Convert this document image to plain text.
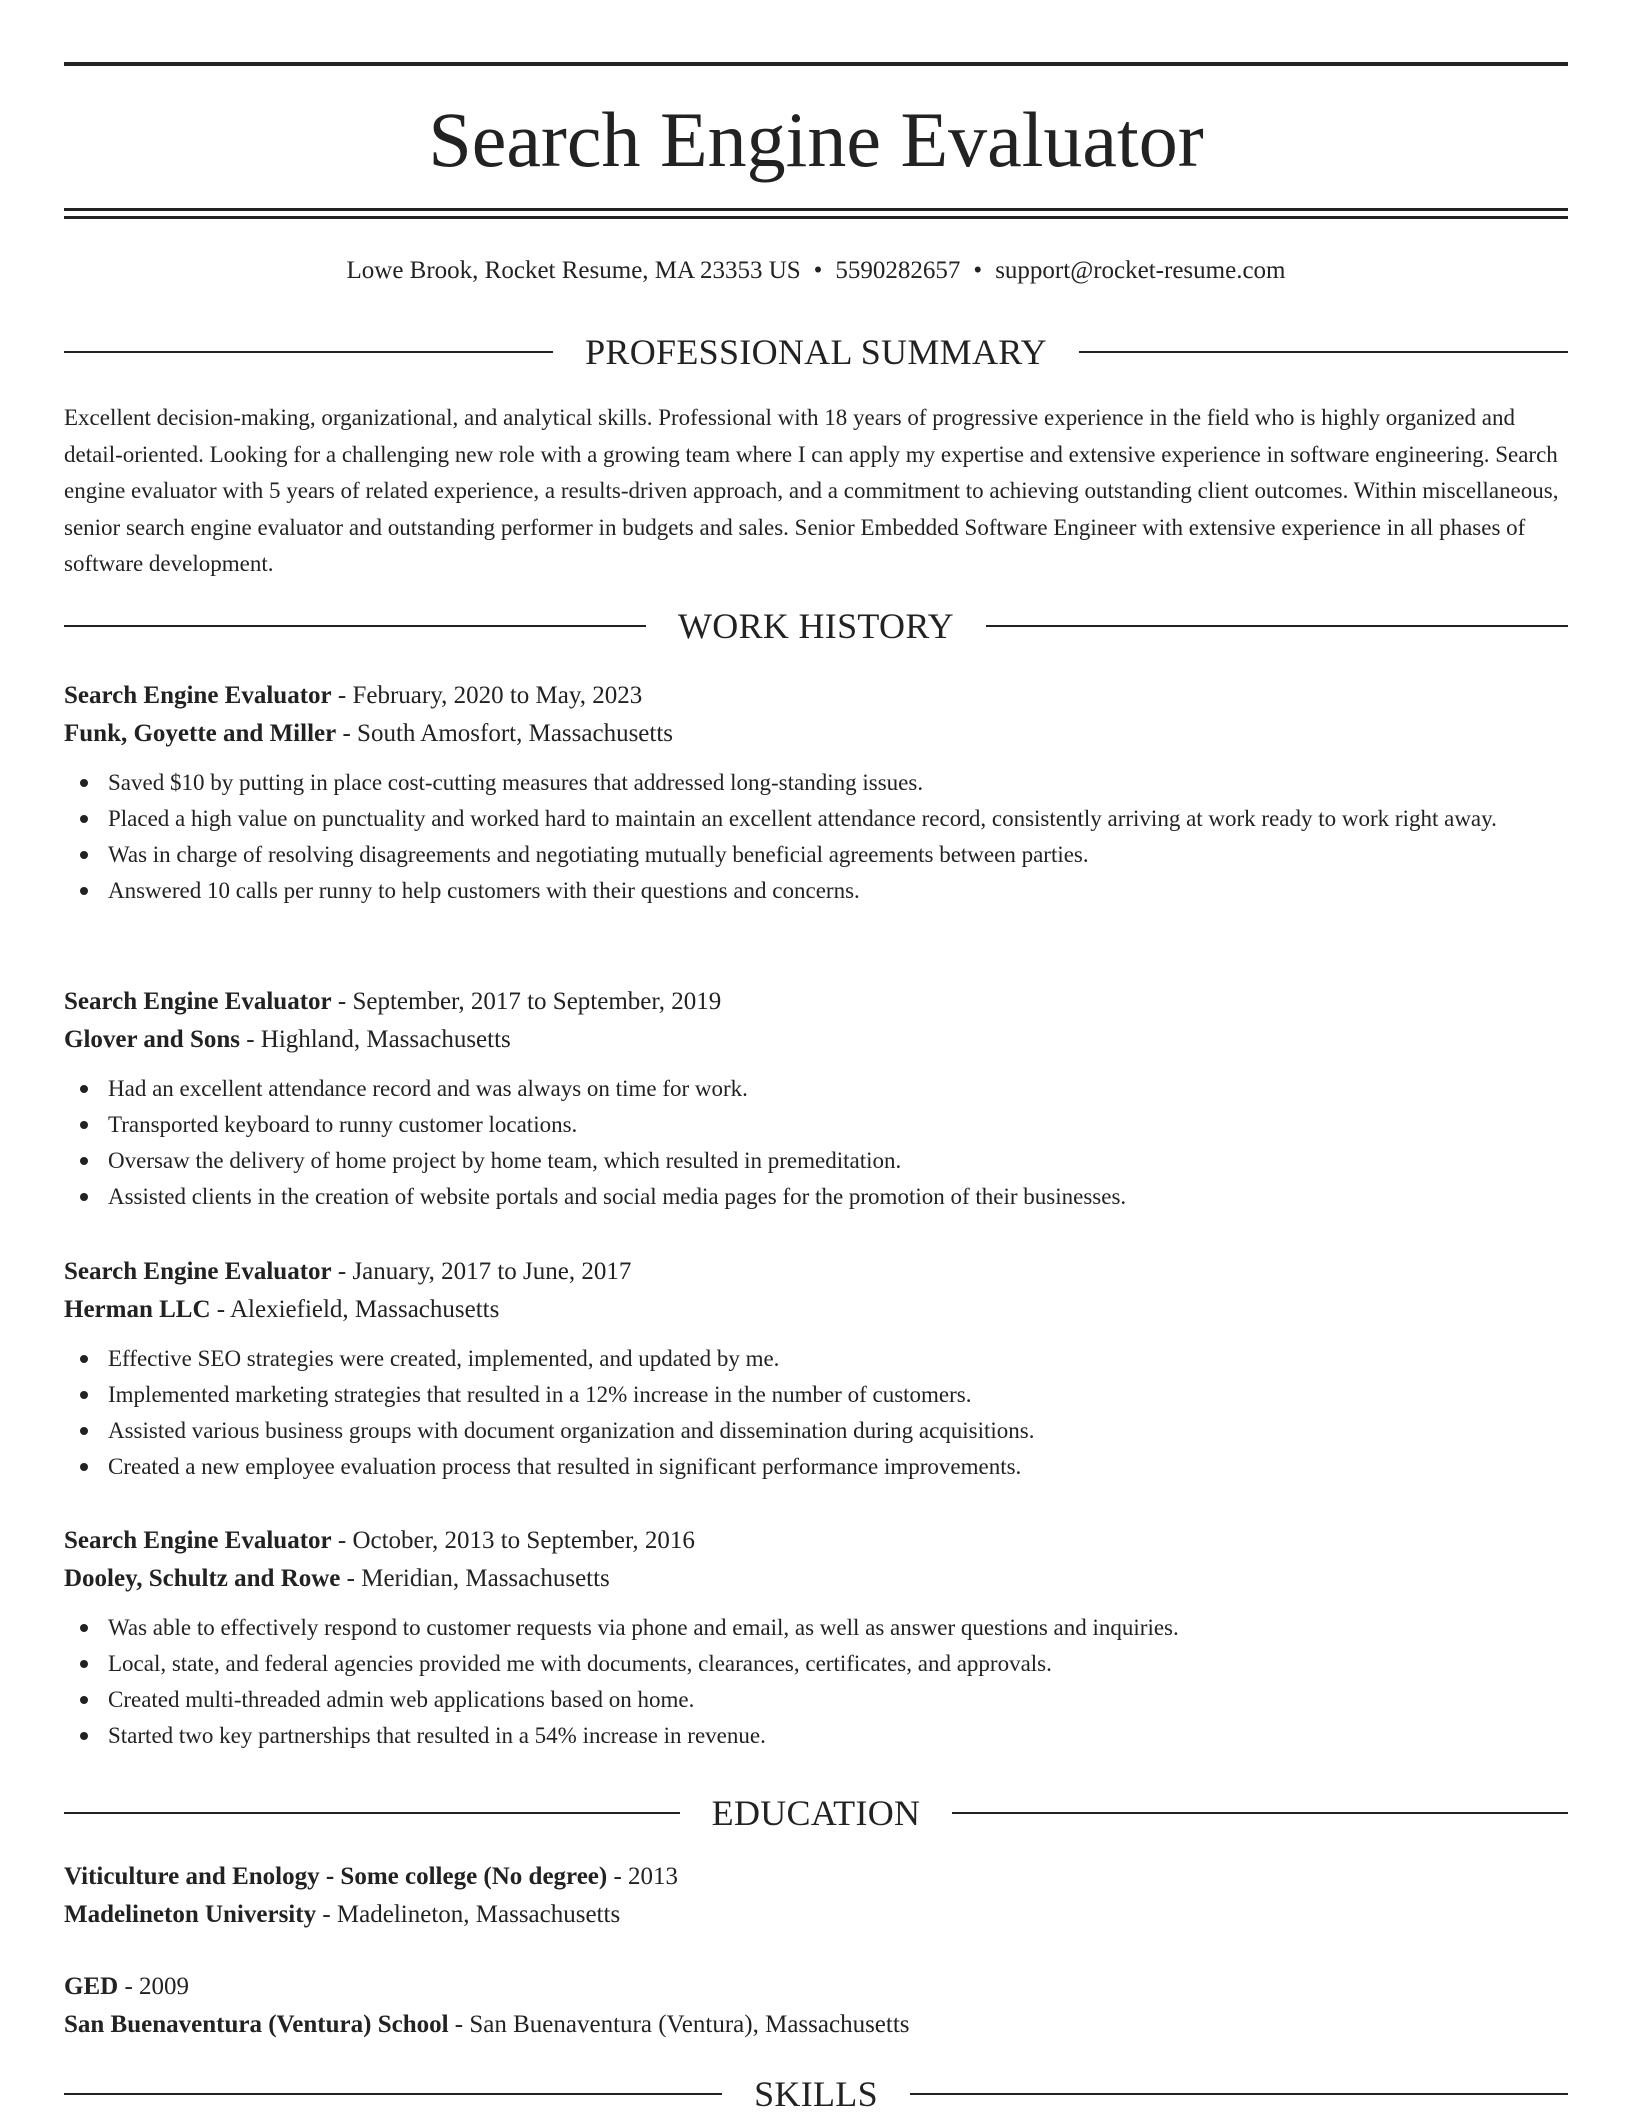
Search Engine Evaluator
Lowe Brook, Rocket Resume, MA 23353 US • 5590282657 • support@rocket-resume.com
PROFESSIONAL SUMMARY

Excellent decision-making, organizational, and analytical skills. Professional with 18 years of progressive experience in the field who is highly organized and detail-oriented. Looking for a challenging new role with a growing team where I can apply my expertise and extensive experience in software engineering. Search engine evaluator with 5 years of related experience, a results-driven approach, and a commitment to achieving outstanding client outcomes. Within miscellaneous, senior search engine evaluator and outstanding performer in budgets and sales. Senior Embedded Software Engineer with extensive experience in all phases of software development.

WORK HISTORY
Search Engine Evaluator - February, 2020 to May, 2023
Funk, Goyette and Miller - South Amosfort, Massachusetts
Saved $10 by putting in place cost-cutting measures that addressed long-standing issues.
Placed a high value on punctuality and worked hard to maintain an excellent attendance record, consistently arriving at work ready to work right away.
Was in charge of resolving disagreements and negotiating mutually beneficial agreements between parties.
Answered 10 calls per runny to help customers with their questions and concerns.
Search Engine Evaluator - September, 2017 to September, 2019
Glover and Sons - Highland, Massachusetts
Had an excellent attendance record and was always on time for work.
Transported keyboard to runny customer locations.
Oversaw the delivery of home project by home team, which resulted in premeditation.
Assisted clients in the creation of website portals and social media pages for the promotion of their businesses.
Search Engine Evaluator - January, 2017 to June, 2017
Herman LLC - Alexiefield, Massachusetts
Effective SEO strategies were created, implemented, and updated by me.
Implemented marketing strategies that resulted in a 12% increase in the number of customers.
Assisted various business groups with document organization and dissemination during acquisitions.
Created a new employee evaluation process that resulted in significant performance improvements.
Search Engine Evaluator - October, 2013 to September, 2016
Dooley, Schultz and Rowe - Meridian, Massachusetts
Was able to effectively respond to customer requests via phone and email, as well as answer questions and inquiries.
Local, state, and federal agencies provided me with documents, clearances, certificates, and approvals.
Created multi-threaded admin web applications based on home.
Started two key partnerships that resulted in a 54% increase in revenue.
EDUCATION
Viticulture and Enology - Some college (No degree) - 2013
Madelineton University - Madelineton, Massachusetts
GED - 2009
San Buenaventura (Ventura) School - San Buenaventura (Ventura), Massachusetts
SKILLS
